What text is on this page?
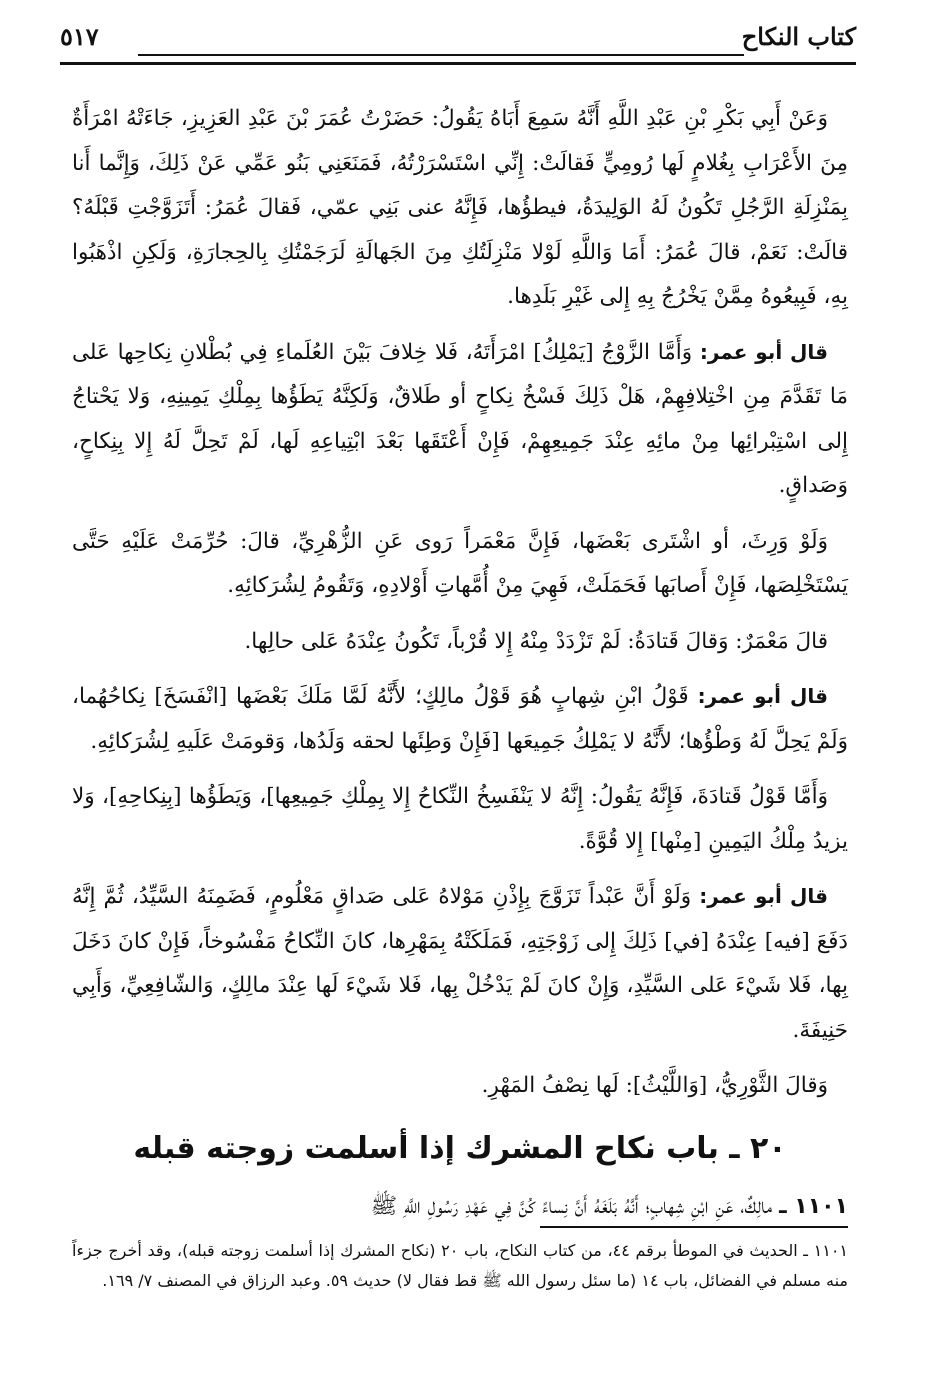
كتاب النكاح
٥١٧

وَعَنْ أَبِي بَكْرِ بْنِ عَبْدِ اللَّهِ أَنَّهُ سَمِعَ أَبَاهُ يَقُولُ: حَضَرْتُ عُمَرَ بْنَ عَبْدِ العَزِيزِ، جَاءَتْهُ امْرَأَةٌ مِنَ الأَعْرَابِ بِغُلامٍ لَها رُومِيٍّ فَقالَتْ: إِنِّي اسْتَسْرَرْتُهُ، فَمَنَعَنِي بَنُو عَمِّي عَنْ ذَلِكَ، وَإِنَّما أَنا بِمَنْزِلَةِ الرَّجُلِ تَكُونُ لَهُ الوَلِيدَةُ، فيطؤُها، فَإِنَّهُ عنى بَنِي عمّي، فَقالَ عُمَرُ: أَتَزَوَّجْتِ قَبْلَهُ؟ قالَتْ: نَعَمْ، قالَ عُمَرُ: أَمَا وَاللَّهِ لَوْلا مَنْزِلَتُكِ مِنَ الجَهالَةِ لَرَجَمْتُكِ بِالحِجارَةِ، وَلَكِنِ اذْهَبُوا بِهِ، فَبِيعُوهُ مِمَّنْ يَخْرُجُ بِهِ إِلى غَيْرِ بَلَدِها.

قال أبو عمر: وَأَمَّا الزَّوْجُ [يَمْلِكُ] امْرَأَتَهُ، فَلا خِلافَ بَيْنَ العُلَماءِ فِي بُطْلانِ نِكاحِها عَلى مَا تَقَدَّمَ مِنِ اخْتِلافِهِمْ، هَلْ ذَلِكَ فَسْخُ نِكاحٍ أو طَلاقٌ، وَلَكِنَّهُ يَطَؤُها بِمِلْكِ يَمِينِهِ، وَلا يَحْتاجُ إِلى اسْتِبْرائِها مِنْ مائِهِ عِنْدَ جَمِيعِهِمْ، فَإِنْ أَعْتَقَها بَعْدَ ابْتِياعِهِ لَها، لَمْ تَحِلَّ لَهُ إِلا بِنِكاحٍ، وَصَداقٍ.

وَلَوْ وَرِثَ، أو اشْتَرى بَعْضَها، فَإِنَّ مَعْمَراً رَوى عَنِ الزُّهْرِيِّ، قالَ: حُرِّمَتْ عَلَيْهِ حَتَّى يَسْتَخْلِصَها، فَإِنْ أَصابَها فَحَمَلَتْ، فَهِيَ مِنْ أُمَّهاتِ أَوْلادِهِ، وَتَقُومُ لِشُرَكائِهِ.

قالَ مَعْمَرٌ: وَقالَ قَتادَةُ: لَمْ تَزْدَدْ مِنْهُ إِلا قُرْباً، تَكُونُ عِنْدَهُ عَلى حالِها.

قال أبو عمر: قَوْلُ ابْنِ شِهابٍ هُوَ قَوْلُ مالِكٍ؛ لأَنَّهُ لَمَّا مَلَكَ بَعْضَها [انْفَسَخَ] نِكاحُهُما، وَلَمْ يَحِلَّ لَهُ وَطْؤُها؛ لأَنَّهُ لا يَمْلِكُ جَمِيعَها [فَإِنْ وَطِئَها لحقه وَلَدُها، وَقومَتْ عَلَيهِ لِشُرَكائِهِ.

وَأَمَّا قَوْلُ قَتادَةَ، فَإِنَّهُ يَقُولُ: إِنَّهُ لا يَنْفَسِخُ النِّكاحُ إِلا بِمِلْكِ جَمِيعِها]، وَيَطَؤُها [بِنِكاحِهِ]، وَلا يزيدُ مِلْكُ اليَمِينِ [مِنْها] إِلا قُوَّةً.

قال أبو عمر: وَلَوْ أَنَّ عَبْداً تَزَوَّجَ بِإِذْنِ مَوْلاهُ عَلى صَداقٍ مَعْلُومٍ، فَضَمِنَهُ السَّيِّدُ، ثُمَّ إِنَّهُ دَفَعَ [فيه] عِنْدَهُ [في] ذَلِكَ إِلى زَوْجَتِهِ، فَمَلَكَتْهُ بِمَهْرِها، كانَ النِّكاحُ مَفْسُوخاً، فَإِنْ كانَ دَخَلَ بِها، فَلا شَيْءَ عَلى السَّيِّدِ، وَإِنْ كانَ لَمْ يَدْخُلْ بِها، فَلا شَيْءَ لَها عِنْدَ مالِكٍ، وَالشّافِعِيِّ، وَأَبِي حَنِيفَةَ.

وَقالَ الثَّوْرِيُّ، [وَاللَّيْثُ]: لَها نِصْفُ المَهْرِ.

٢٠ ـ باب نكاح المشرك إذا أسلمت زوجته قبله

١١٠١ ـ مالِكٌ، عَنِ ابْنِ شِهابٍ؛ أَنَّهُ بَلَغَهُ أَنَّ نِساءً كُنَّ فِي عَهْدِ رَسُولِ اللَّهِ ﷺ

١١٠١ ـ الحديث في الموطأ برقم ٤٤، من كتاب النكاح، باب ٢٠ (نكاح المشرك إذا أسلمت زوجته قبله)، وقد أخرج جزءاً منه مسلم في الفضائل، باب ١٤ (ما سئل رسول الله ﷺ قط فقال لا) حديث ٥٩. وعبد الرزاق في المصنف ٧/ ١٦٩.
